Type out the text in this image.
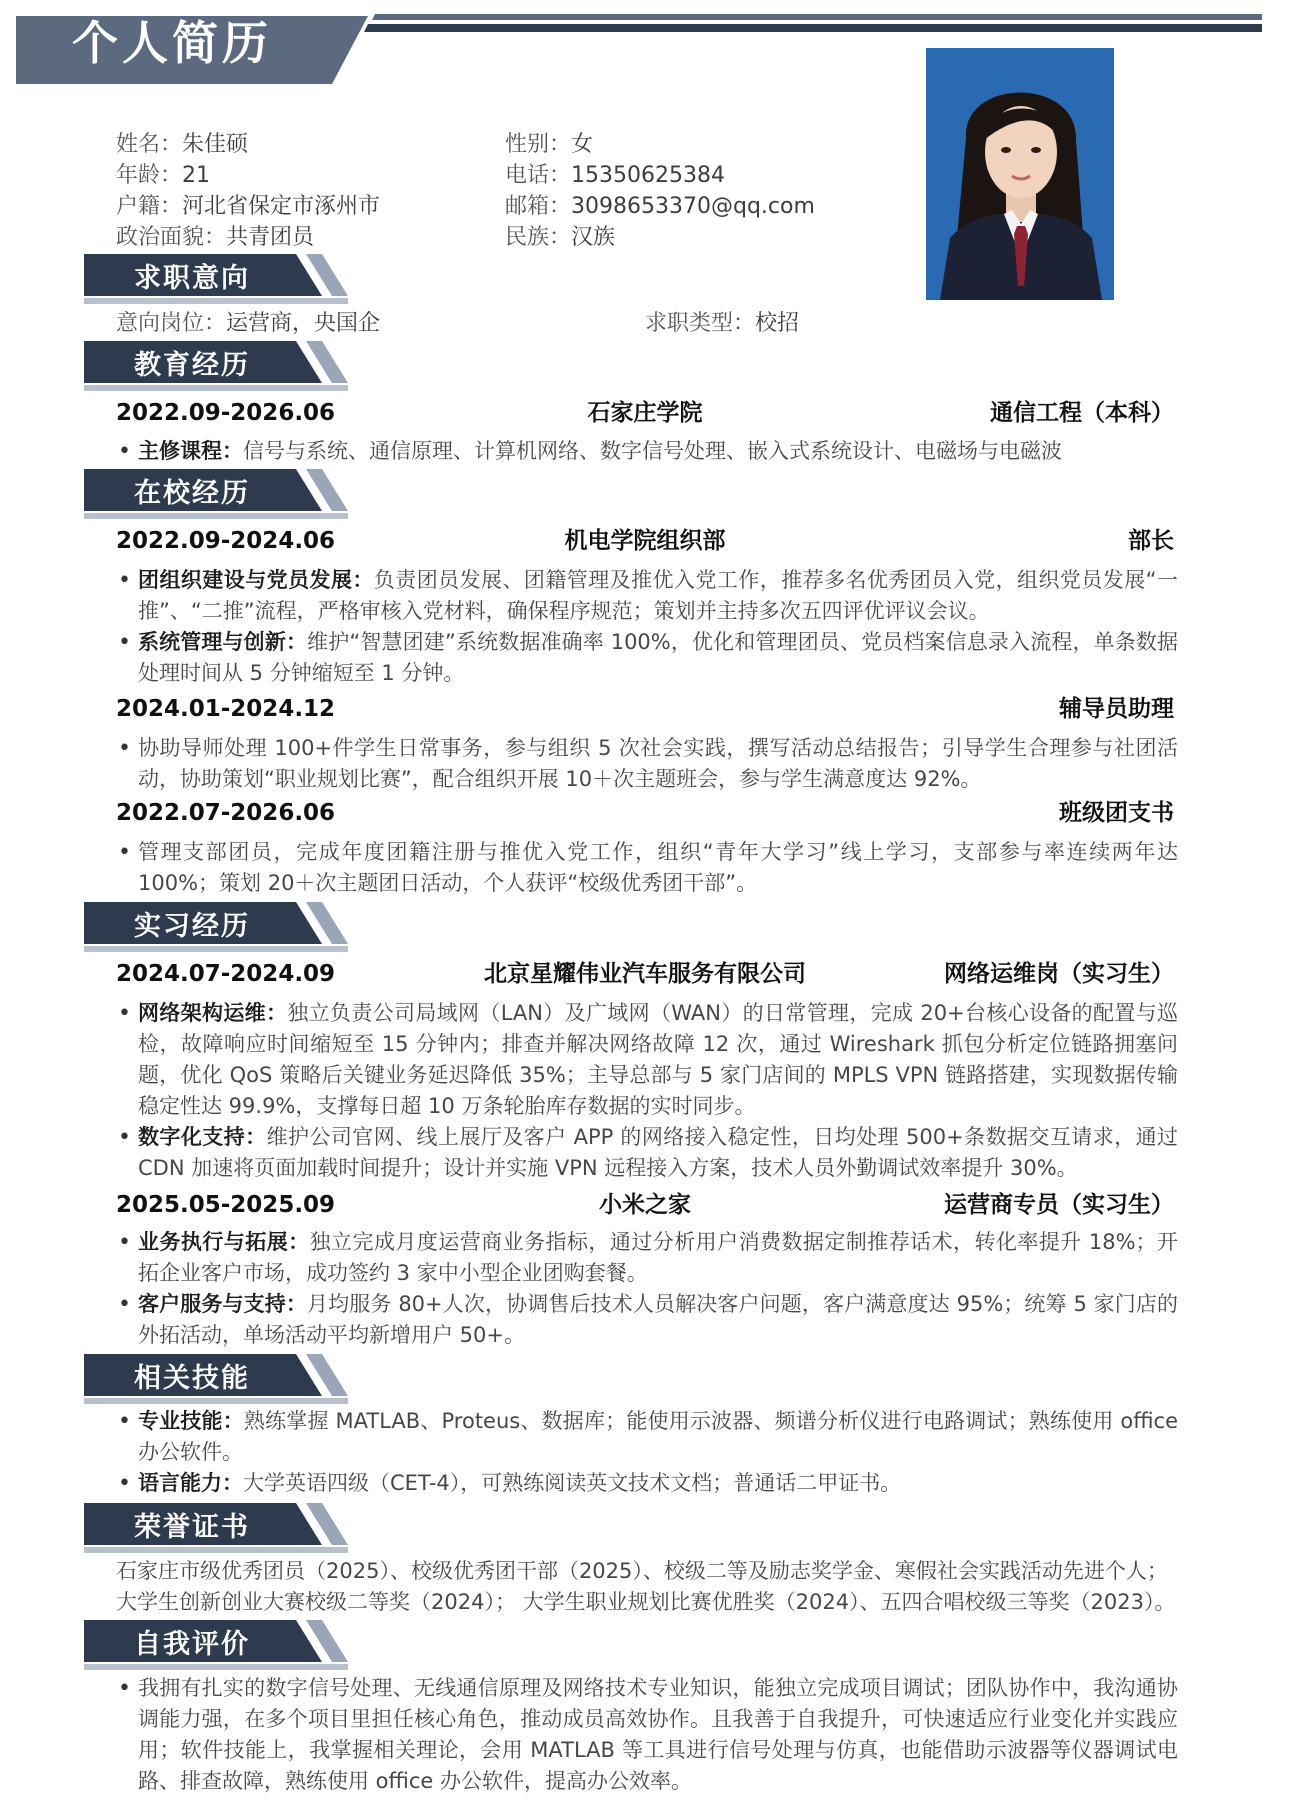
个人简历
姓名：朱佳硕	性别：女
年龄：21	电话：15350625384
户籍：河北省保定市涿州市	邮箱：3098653370@qq.com
政治面貌：共青团员	民族：汉族
求职意向
意向岗位：运营商，央国企	求职类型：校招
教育经历
2022.09-2026.06	石家庄学院	通信工程（本科）
• 主修课程：信号与系统、通信原理、计算机网络、数字信号处理、嵌入式系统设计、电磁场与电磁波
在校经历
2022.09-2024.06	机电学院组织部	部长
• 团组织建设与党员发展：负责团员发展、团籍管理及推优入党工作，推荐多名优秀团员入党，组织党员发展“一推”、“二推”流程，严格审核入党材料，确保程序规范；策划并主持多次五四评优评议会议。
• 系统管理与创新：维护“智慧团建”系统数据准确率 100%，优化和管理团员、党员档案信息录入流程，单条数据处理时间从 5 分钟缩短至 1 分钟。
2024.01-2024.12	辅导员助理
• 协助导师处理 100+件学生日常事务，参与组织 5 次社会实践，撰写活动总结报告；引导学生合理参与社团活动，协助策划“职业规划比赛”，配合组织开展 10＋次主题班会，参与学生满意度达 92%。
2022.07-2026.06	班级团支书
• 管理支部团员，完成年度团籍注册与推优入党工作，组织“青年大学习”线上学习，支部参与率连续两年达 100%；策划 20＋次主题团日活动，个人获评“校级优秀团干部”。
实习经历
2024.07-2024.09	北京星耀伟业汽车服务有限公司	网络运维岗（实习生）
• 网络架构运维：独立负责公司局域网（LAN）及广域网（WAN）的日常管理，完成 20+台核心设备的配置与巡检，故障响应时间缩短至 15 分钟内；排查并解决网络故障 12 次，通过 Wireshark 抓包分析定位链路拥塞问题，优化 QoS 策略后关键业务延迟降低 35%；主导总部与 5 家门店间的 MPLS VPN 链路搭建，实现数据传输稳定性达 99.9%，支撑每日超 10 万条轮胎库存数据的实时同步。
• 数字化支持：维护公司官网、线上展厅及客户 APP 的网络接入稳定性，日均处理 500+条数据交互请求，通过 CDN 加速将页面加载时间提升；设计并实施 VPN 远程接入方案，技术人员外勤调试效率提升 30%。
2025.05-2025.09	小米之家	运营商专员（实习生）
• 业务执行与拓展：独立完成月度运营商业务指标，通过分析用户消费数据定制推荐话术，转化率提升 18%；开拓企业客户市场，成功签约 3 家中小型企业团购套餐。
• 客户服务与支持：月均服务 80+人次，协调售后技术人员解决客户问题，客户满意度达 95%；统筹 5 家门店的外拓活动，单场活动平均新增用户 50+。
相关技能
• 专业技能：熟练掌握 MATLAB、Proteus、数据库；能使用示波器、频谱分析仪进行电路调试；熟练使用 office 办公软件。
• 语言能力：大学英语四级（CET-4），可熟练阅读英文技术文档；普通话二甲证书。
荣誉证书
石家庄市级优秀团员（2025）、校级优秀团干部（2025）、校级二等及励志奖学金、寒假社会实践活动先进个人；
大学生创新创业大赛校级二等奖（2024）； 大学生职业规划比赛优胜奖（2024）、五四合唱校级三等奖（2023）。
自我评价
• 我拥有扎实的数字信号处理、无线通信原理及网络技术专业知识，能独立完成项目调试；团队协作中，我沟通协调能力强，在多个项目里担任核心角色，推动成员高效协作。且我善于自我提升，可快速适应行业变化并实践应用；软件技能上，我掌握相关理论，会用 MATLAB 等工具进行信号处理与仿真，也能借助示波器等仪器调试电路、排查故障，熟练使用 office 办公软件，提高办公效率。
